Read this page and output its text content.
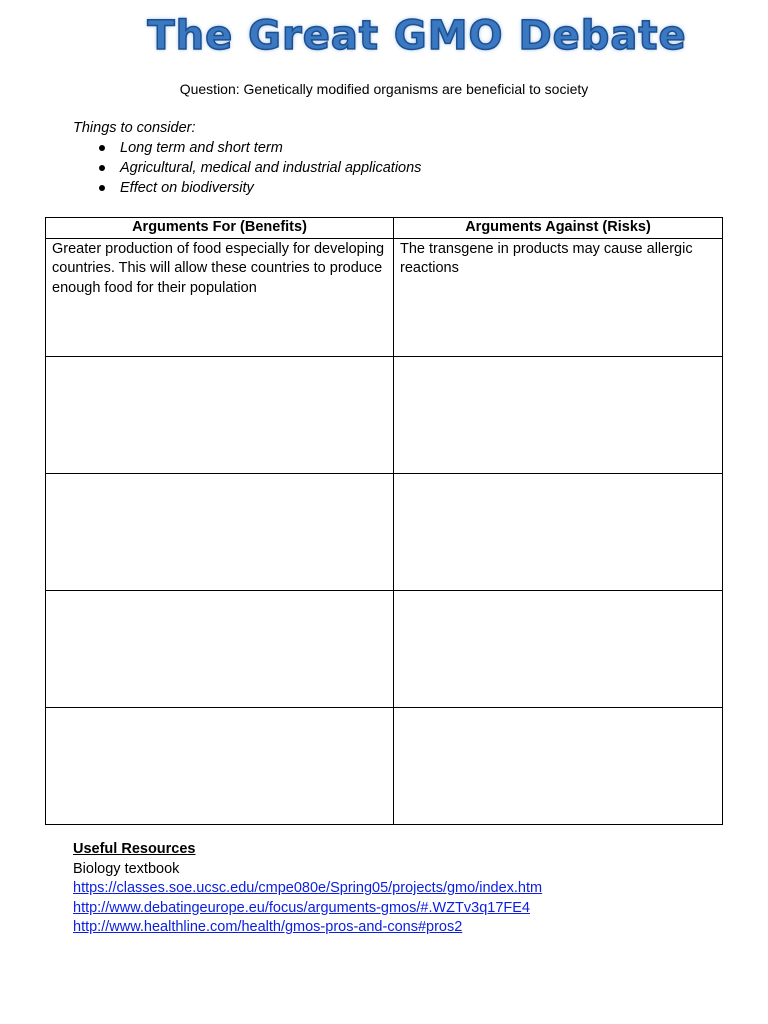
The Great GMO Debate
Question: Genetically modified organisms are beneficial to society
Things to consider:
Long term and short term
Agricultural, medical and industrial applications
Effect on biodiversity
Arguments For (Benefits)	Arguments Against (Risks)
Greater production of food especially for developing countries. This will allow these countries to produce enough food for their population	The transgene in products may cause allergic reactions

Useful Resources
Biology textbook
https://classes.soe.ucsc.edu/cmpe080e/Spring05/projects/gmo/index.htm
http://www.debatingeurope.eu/focus/arguments-gmos/#.WZTv3q17FE4
http://www.healthline.com/health/gmos-pros-and-cons#pros2
